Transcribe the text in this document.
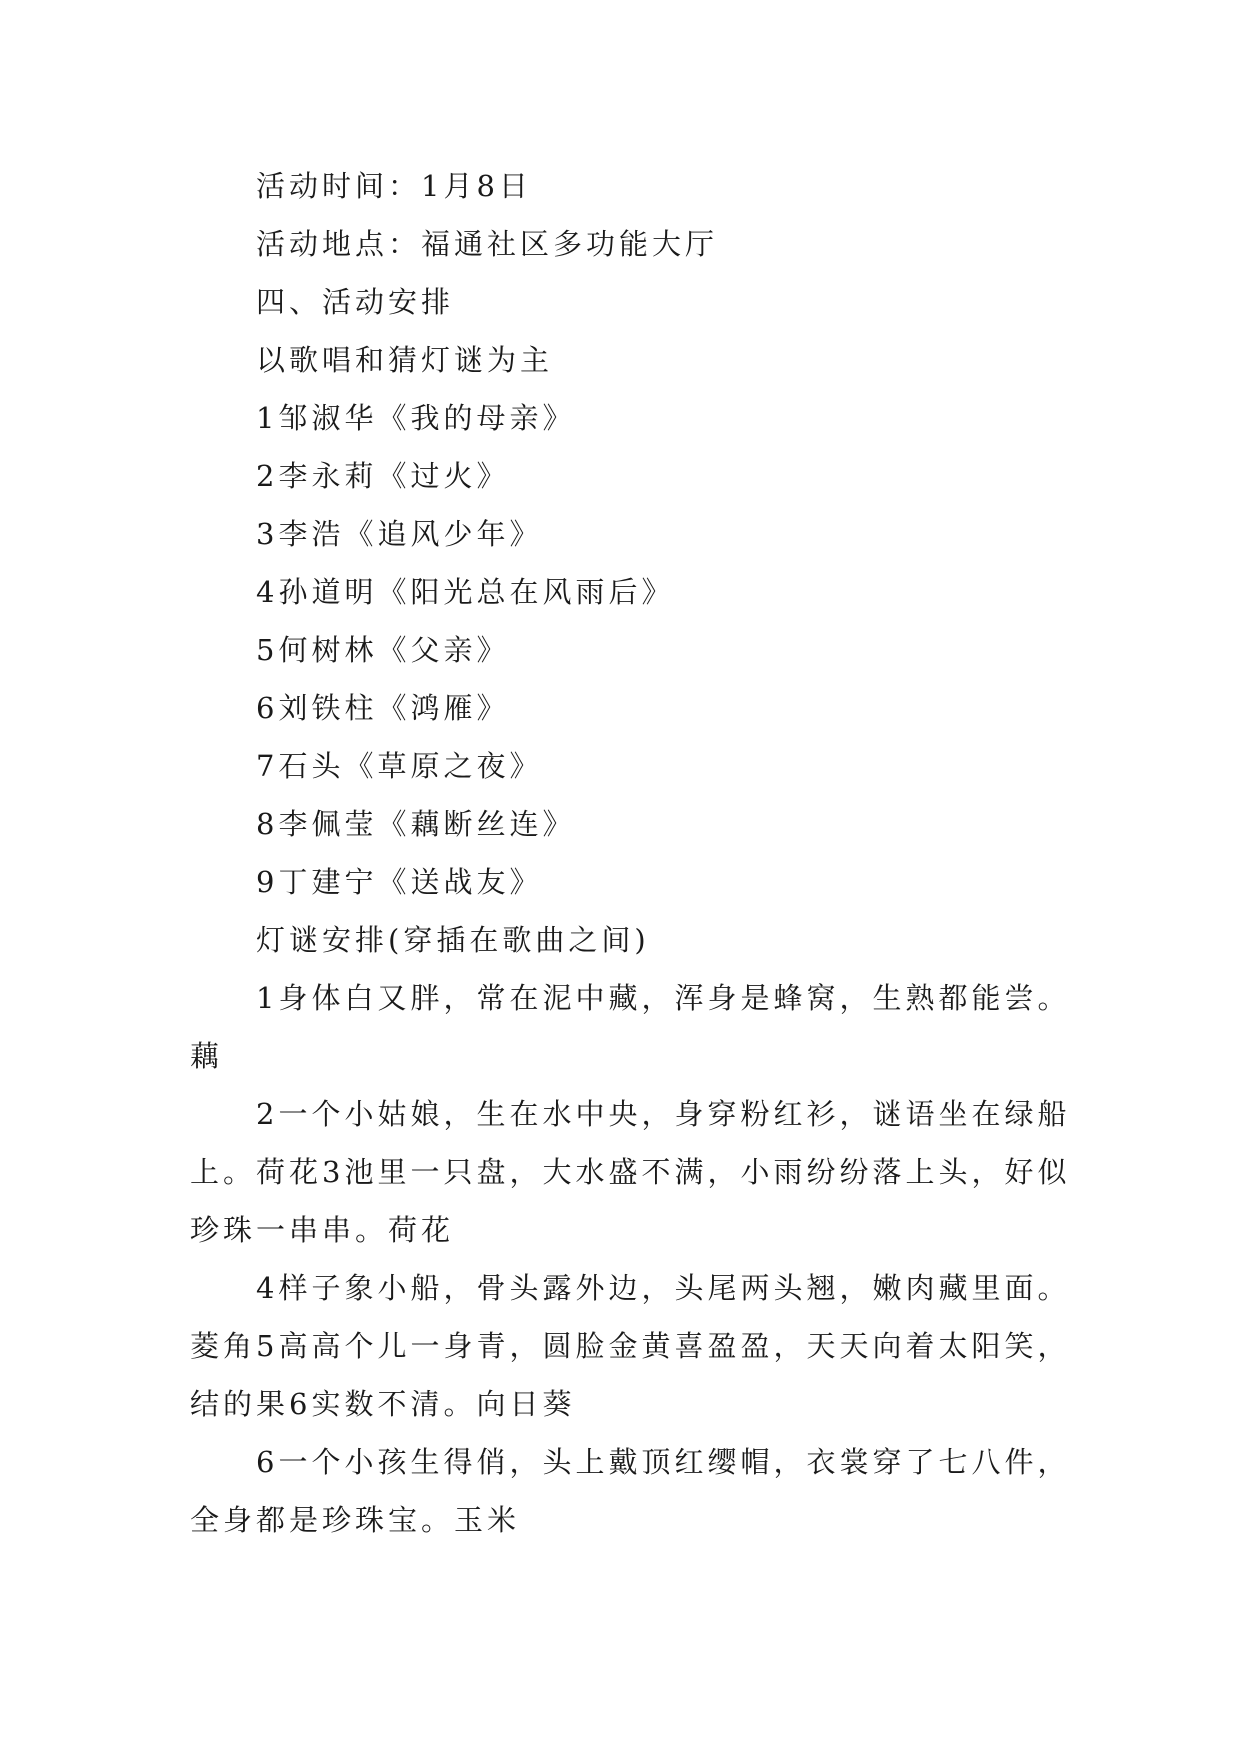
活动时间：1月8日

活动地点：福通社区多功能大厅

四、活动安排

以歌唱和猜灯谜为主

1邹淑华《我的母亲》

2李永莉《过火》

3李浩《追风少年》

4孙道明《阳光总在风雨后》

5何树林《父亲》

6刘铁柱《鸿雁》

7石头《草原之夜》

8李佩莹《藕断丝连》

9丁建宁《送战友》

灯谜安排(穿插在歌曲之间)

1身体白又胖，常在泥中藏，浑身是蜂窝，生熟都能尝。藕

2一个小姑娘，生在水中央，身穿粉红衫，谜语坐在绿船上。荷花3池里一只盘，大水盛不满，小雨纷纷落上头，好似珍珠一串串。荷花

4样子象小船，骨头露外边，头尾两头翘，嫩肉藏里面。菱角5高高个儿一身青，圆脸金黄喜盈盈，天天向着太阳笑，结的果6实数不清。向日葵

6一个小孩生得俏，头上戴顶红缨帽，衣裳穿了七八件，全身都是珍珠宝。玉米
